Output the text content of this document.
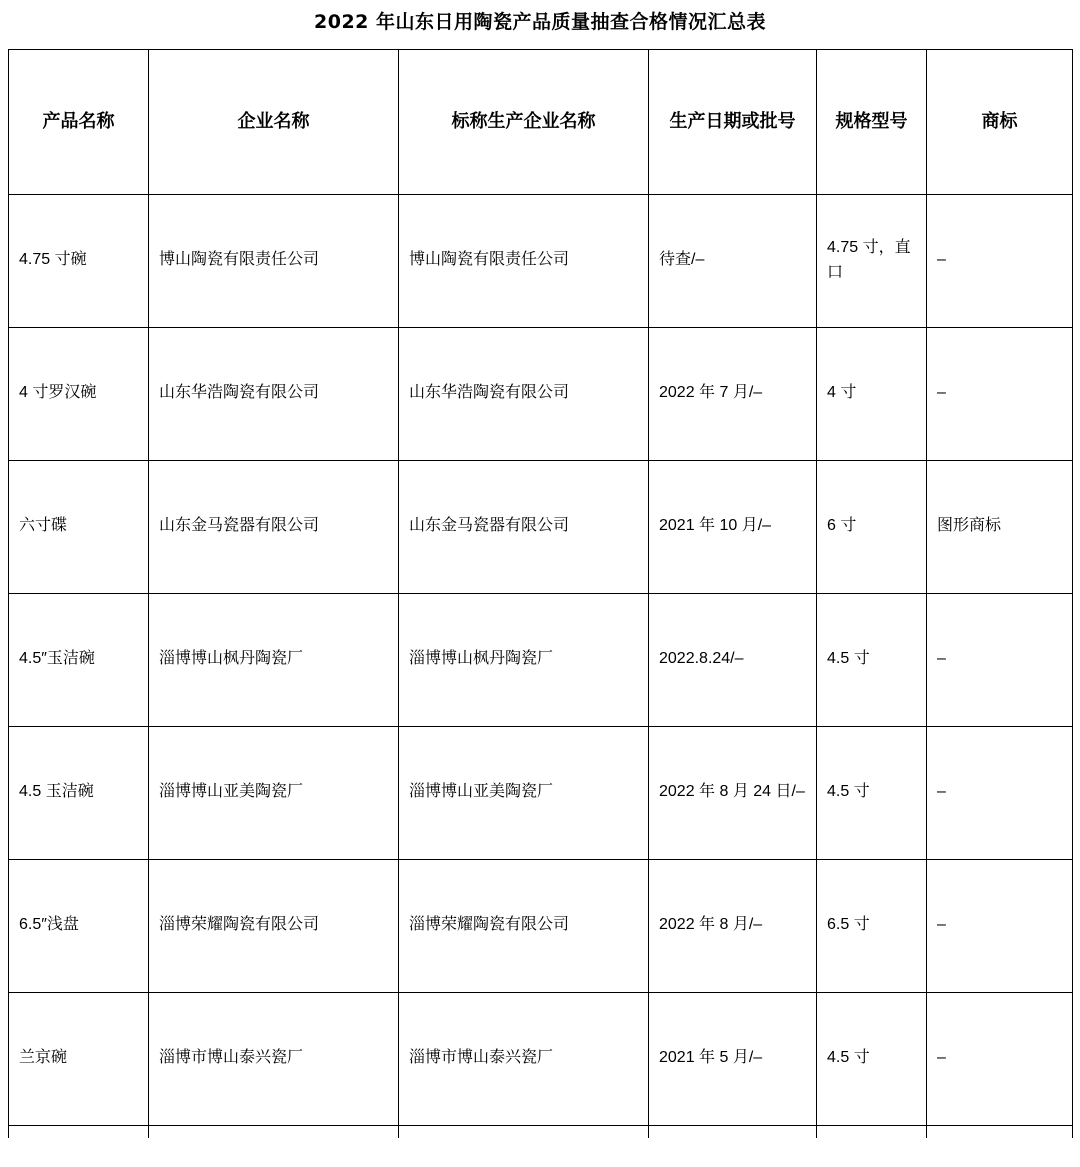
2022 年山东日用陶瓷产品质量抽查合格情况汇总表
产品名称	企业名称	标称生产企业名称	生产日期或批号	规格型号	商标
4.75 寸碗	博山陶瓷有限责任公司	博山陶瓷有限责任公司	待查/–	4.75 寸，直口	–
4 寸罗汉碗	山东华浩陶瓷有限公司	山东华浩陶瓷有限公司	2022 年 7 月/–	4 寸	–
六寸碟	山东金马瓷器有限公司	山东金马瓷器有限公司	2021 年 10 月/–	6 寸	图形商标
4.5″玉洁碗	淄博博山枫丹陶瓷厂	淄博博山枫丹陶瓷厂	2022.8.24/–	4.5 寸	–
4.5 玉洁碗	淄博博山亚美陶瓷厂	淄博博山亚美陶瓷厂	2022 年 8 月 24 日/–	4.5 寸	–
6.5″浅盘	淄博荣耀陶瓷有限公司	淄博荣耀陶瓷有限公司	2022 年 8 月/–	6.5 寸	–
兰京碗	淄博市博山泰兴瓷厂	淄博市博山泰兴瓷厂	2021 年 5 月/–	4.5 寸	–
